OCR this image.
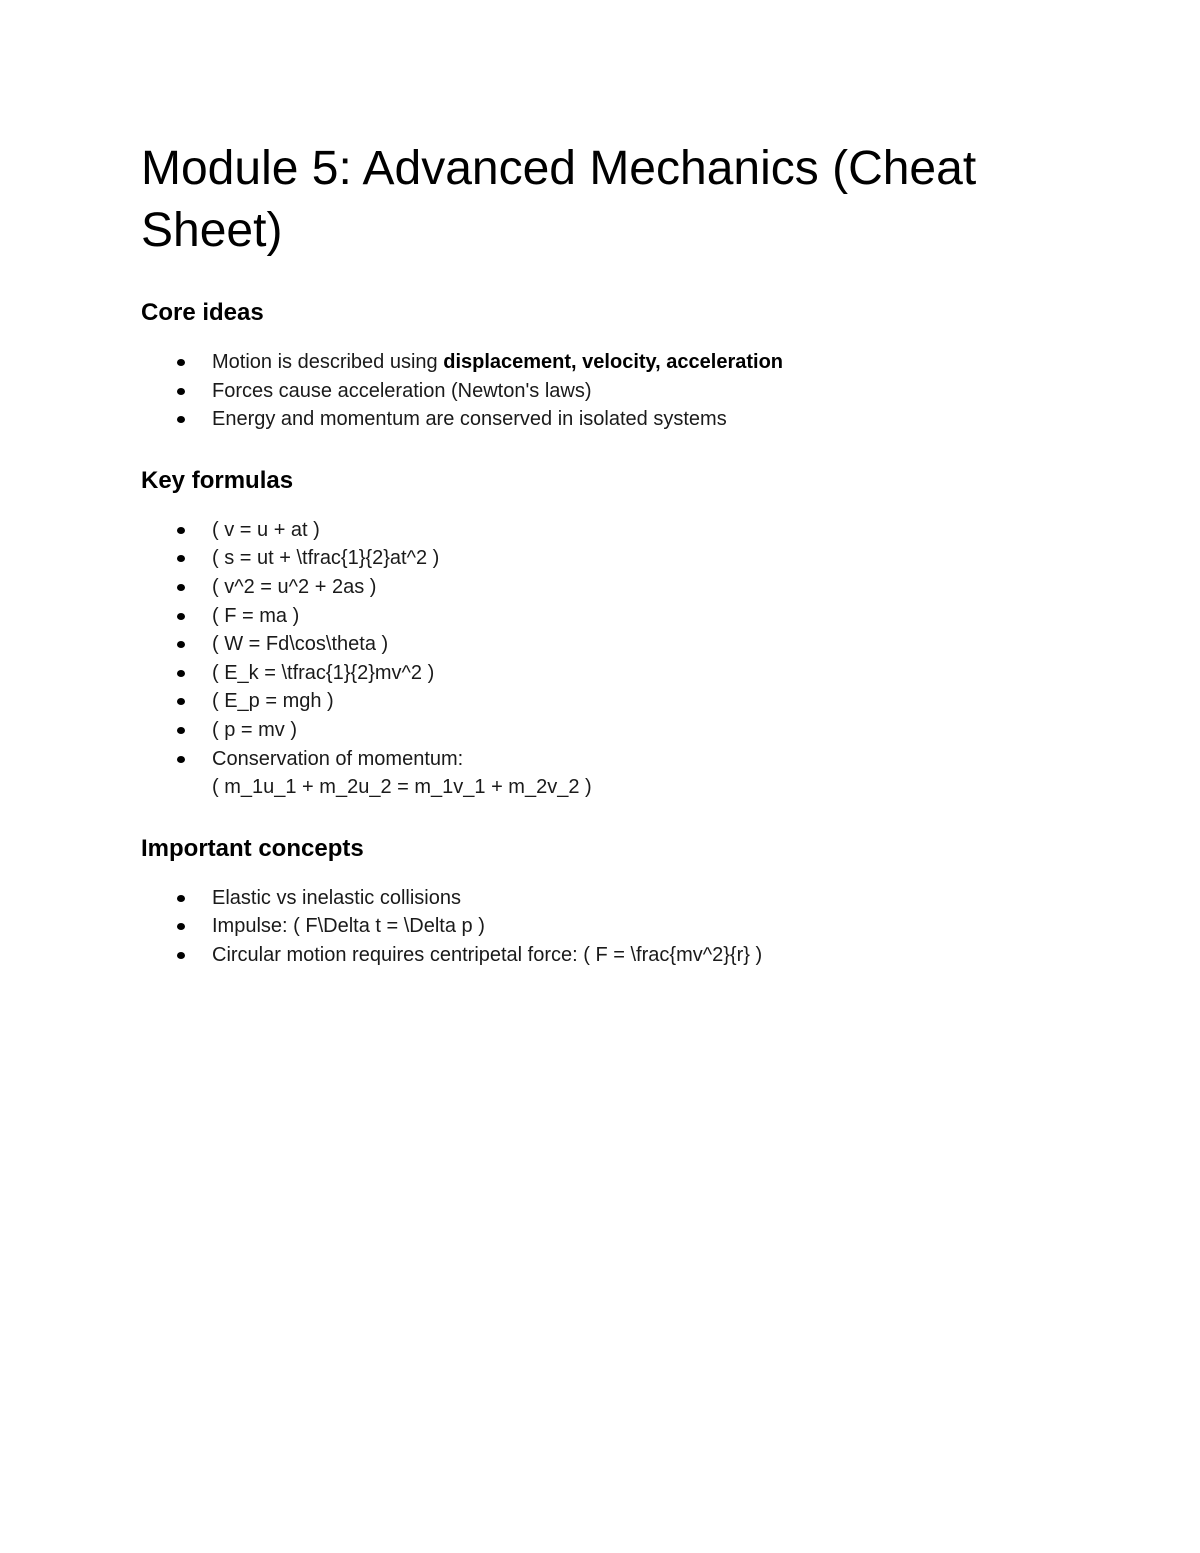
Module 5: Advanced Mechanics (Cheat Sheet)
Core ideas
Motion is described using displacement, velocity, acceleration
Forces cause acceleration (Newton's laws)
Energy and momentum are conserved in isolated systems
Key formulas
( v = u + at )
( s = ut + \tfrac{1}{2}at^2 )
( v^2 = u^2 + 2as )
( F = ma )
( W = Fd\cos\theta )
( E_k = \tfrac{1}{2}mv^2 )
( E_p = mgh )
( p = mv )
Conservation of momentum:
( m_1u_1 + m_2u_2 = m_1v_1 + m_2v_2 )
Important concepts
Elastic vs inelastic collisions
Impulse: ( F\Delta t = \Delta p )
Circular motion requires centripetal force: ( F = \frac{mv^2}{r} )
